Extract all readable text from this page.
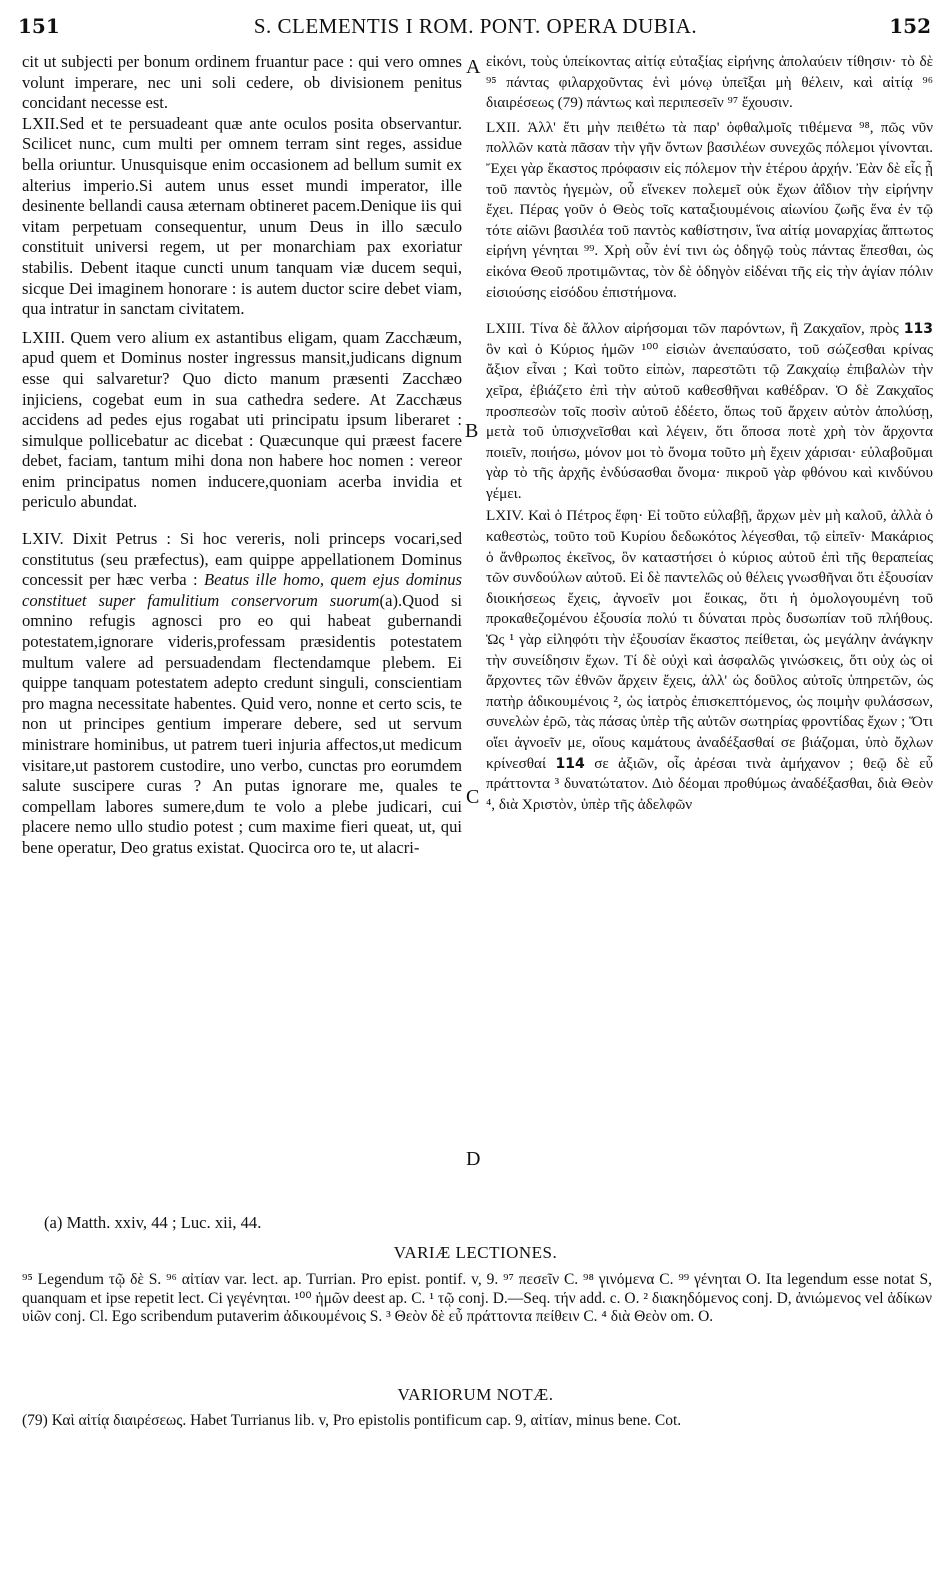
151	S. CLEMENTIS I ROM. PONT. OPERA DUBIA.	152
A
B
C
D

cit ut subjecti per bonum ordinem fruantur pace : qui vero omnes volunt imperare, nec uni soli cedere, ob divisionem penitus concidant necesse est.

LXII.Sed et te persuadeant quæ ante oculos posita observantur. Scilicet nunc, cum multi per omnem terram sint reges, assidue bella oriuntur. Unusquisque enim occasionem ad bellum sumit ex alterius imperio.Si autem unus esset mundi imperator, ille desinente bellandi causa æternam obtineret pacem.Denique iis qui vitam perpetuam consequentur, unum Deus in illo sæculo constituit universi regem, ut per monarchiam pax exoriatur stabilis. Debent itaque cuncti unum tanquam viæ ducem sequi, sicque Dei imaginem honorare : is autem ductor scire debet viam, qua intratur in sanctam civitatem.

LXIII. Quem vero alium ex astantibus eligam, quam Zacchæum, apud quem et Dominus noster ingressus mansit,judicans dignum esse qui salvaretur? Quo dicto manum præsenti Zacchæo injiciens, cogebat eum in sua cathedra sedere. At Zacchæus accidens ad pedes ejus rogabat uti principatu ipsum liberaret : simulque pollicebatur ac dicebat : Quæcunque qui præest facere debet, faciam, tantum mihi dona non habere hoc nomen : vereor enim principatus nomen inducere,quoniam acerba invidia et periculo abundat.

LXIV. Dixit Petrus : Si hoc vereris, noli princeps vocari,sed constitutus (seu præfectus), eam quippe appellationem Dominus concessit per hæc verba : Beatus ille homo, quem ejus dominus constituet super famulitium conservorum suorum(a).Quod si omnino refugis agnosci pro eo qui habeat gubernandi potestatem,ignorare videris,professam præsidentis potestatem multum valere ad persuadendam flectendamque plebem. Ei quippe tanquam potestatem adepto credunt singuli, conscientiam pro magna necessitate habentes. Quid vero, nonne et certo scis, te non ut principes gentium imperare debere, sed ut servum ministrare hominibus, ut patrem tueri injuria affectos,ut medicum visitare,ut pastorem custodire, uno verbo, cunctas pro eorumdem salute suscipere curas ? An putas ignorare me, quales te compellam labores sumere,dum te volo a plebe judicari, cui placere nemo ullo studio potest ; cum maxime fieri queat, ut, qui bene operatur, Deo gratus existat. Quocirca oro te, ut alacri-

εἰκόνι, τοὺς ὑπείκοντας αἰτίᾳ εὐταξίας εἰρήνης ἀπολαύειν τίθησιν· τὸ δὲ ⁹⁵ πάντας φιλαρχοῦντας ἑνὶ μόνῳ ὑπεῖξαι μὴ θέλειν, καὶ αἰτίᾳ ⁹⁶ διαιρέσεως (79) πάντως καὶ περιπεσεῖν ⁹⁷ ἔχουσιν.

LXII. Ἀλλ' ἔτι μὴν πειθέτω τὰ παρ' ὀφθαλμοῖς τιθέμενα ⁹⁸, πῶς νῦν πολλῶν κατὰ πᾶσαν τὴν γῆν ὄντων βασιλέων συνεχῶς πόλεμοι γίνονται. Ἔχει γὰρ ἕκαστος πρόφασιν εἰς πόλεμον τὴν ἑτέρου ἀρχήν. Ἐὰν δὲ εἷς ᾖ τοῦ παντὸς ἡγεμὼν, οὗ εἵνεκεν πολεμεῖ οὐκ ἔχων ἀΐδιον τὴν εἰρήνην ἔχει. Πέρας γοῦν ὁ Θεὸς τοῖς καταξιουμένοις αἰωνίου ζωῆς ἕνα ἐν τῷ τότε αἰῶνι βασιλέα τοῦ παντὸς καθίστησιν, ἵνα αἰτίᾳ μοναρχίας ἄπτωτος εἰρήνη γένηται ⁹⁹. Χρὴ οὖν ἑνί τινι ὡς ὁδηγῷ τοὺς πάντας ἕπεσθαι, ὡς εἰκόνα Θεοῦ προτιμῶντας, τὸν δὲ ὁδηγὸν εἰδέναι τῆς εἰς τὴν ἁγίαν πόλιν εἰσιούσης εἰσόδου ἐπιστήμονα.

LXIII. Τίνα δὲ ἄλλον αἱρήσομαι τῶν παρόντων, ἢ Ζακχαῖον, πρὸς 113 ὃν καὶ ὁ Κύριος ἡμῶν ¹⁰⁰ εἰσιὼν ἀνεπαύσατο, τοῦ σώζεσθαι κρίνας ἄξιον εἶναι ; Καὶ τοῦτο εἰπὼν, παρεστῶτι τῷ Ζακχαίῳ ἐπιβαλὼν τὴν χεῖρα, ἐβιάζετο ἐπὶ τὴν αὐτοῦ καθεσθῆναι καθέδραν. Ὁ δὲ Ζακχαῖος προσπεσὼν τοῖς ποσὶν αὐτοῦ ἐδέετο, ὅπως τοῦ ἄρχειν αὐτὸν ἀπολύσῃ, μετὰ τοῦ ὑπισχνεῖσθαι καὶ λέγειν, ὅτι ὅποσα ποτὲ χρὴ τὸν ἄρχοντα ποιεῖν, ποιήσω, μόνον μοι τὸ ὄνομα τοῦτο μὴ ἔχειν χάρισαι· εὐλαβοῦμαι γὰρ τὸ τῆς ἀρχῆς ἐνδύσασθαι ὄνομα· πικροῦ γὰρ φθόνου καὶ κινδύνου γέμει.

LXIV. Καὶ ὁ Πέτρος ἔφη· Εἰ τοῦτο εὐλαβῇ, ἄρχων μὲν μὴ καλοῦ, ἀλλὰ ὁ καθεστὼς, τοῦτο τοῦ Κυρίου δεδωκότος λέγεσθαι, τῷ εἰπεῖν· Μακάριος ὁ ἄνθρωπος ἐκεῖνος, ὃν καταστήσει ὁ κύριος αὐτοῦ ἐπὶ τῆς θεραπείας τῶν συνδούλων αὐτοῦ. Εἰ δὲ παντελῶς οὐ θέλεις γνωσθῆναι ὅτι ἐξουσίαν διοικήσεως ἔχεις, ἀγνοεῖν μοι ἔοικας, ὅτι ἡ ὁμολογουμένη τοῦ προκαθεζομένου ἐξουσία πολύ τι δύναται πρὸς δυσωπίαν τοῦ πλήθους. Ὡς ¹ γὰρ εἰληφότι τὴν ἐξουσίαν ἕκαστος πείθεται, ὡς μεγάλην ἀνάγκην τὴν συνείδησιν ἔχων. Τί δὲ οὐχὶ καὶ ἀσφαλῶς γινώσκεις, ὅτι οὐχ ὡς οἱ ἄρχοντες τῶν ἐθνῶν ἄρχειν ἔχεις, ἀλλ' ὡς δοῦλος αὐτοῖς ὑπηρετῶν, ὡς πατὴρ ἀδικουμένοις ², ὡς ἰατρὸς ἐπισκεπτόμενος, ὡς ποιμὴν φυλάσσων, συνελὼν ἐρῶ, τὰς πάσας ὑπὲρ τῆς αὐτῶν σωτηρίας φροντίδας ἔχων ; Ὅτι οἴει ἀγνοεῖν με, οἵους καμάτους ἀναδέξασθαί σε βιάζομαι, ὑπὸ ὄχλων κρίνεσθαί 114 σε ἀξιῶν, οἷς ἀρέσαι τινὰ ἀμήχανον ; θεῷ δὲ εὖ πράττοντα ³ δυνατώτατον. Διὸ δέομαι προθύμως ἀναδέξασθαι, διὰ Θεὸν ⁴, διὰ Χριστὸν, ὑπὲρ τῆς ἀδελφῶν

(a) Matth. xxiv, 44 ; Luc. xii, 44.
VARIÆ LECTIONES.
⁹⁵ Legendum τῷ δὲ S. ⁹⁶ αἰτίαν var. lect. ap. Turrian. Pro epist. pontif. v, 9. ⁹⁷ πεσεῖν C. ⁹⁸ γινόμενα C. ⁹⁹ γένηται O. Ita legendum esse notat S, quanquam et ipse repetit lect. Ci γεγένηται. ¹⁰⁰ ἡμῶν deest ap. C. ¹ τῷ conj. D.—Seq. τήν add. c. O. ² διακηδόμενος conj. D, ἀνιώμενος vel ἀδίκων υἱῶν conj. Cl. Ego scribendum putaverim ἀδικουμένοις S. ³ Θεὸν δὲ εὖ πράττοντα πείθειν C. ⁴ διὰ Θεὸν om. O.
VARIORUM NOTÆ.
(79) Καὶ αἰτίᾳ διαιρέσεως. Habet Turrianus lib. v, Pro epistolis pontificum cap. 9, αἰτίαν, minus bene. Cot.
